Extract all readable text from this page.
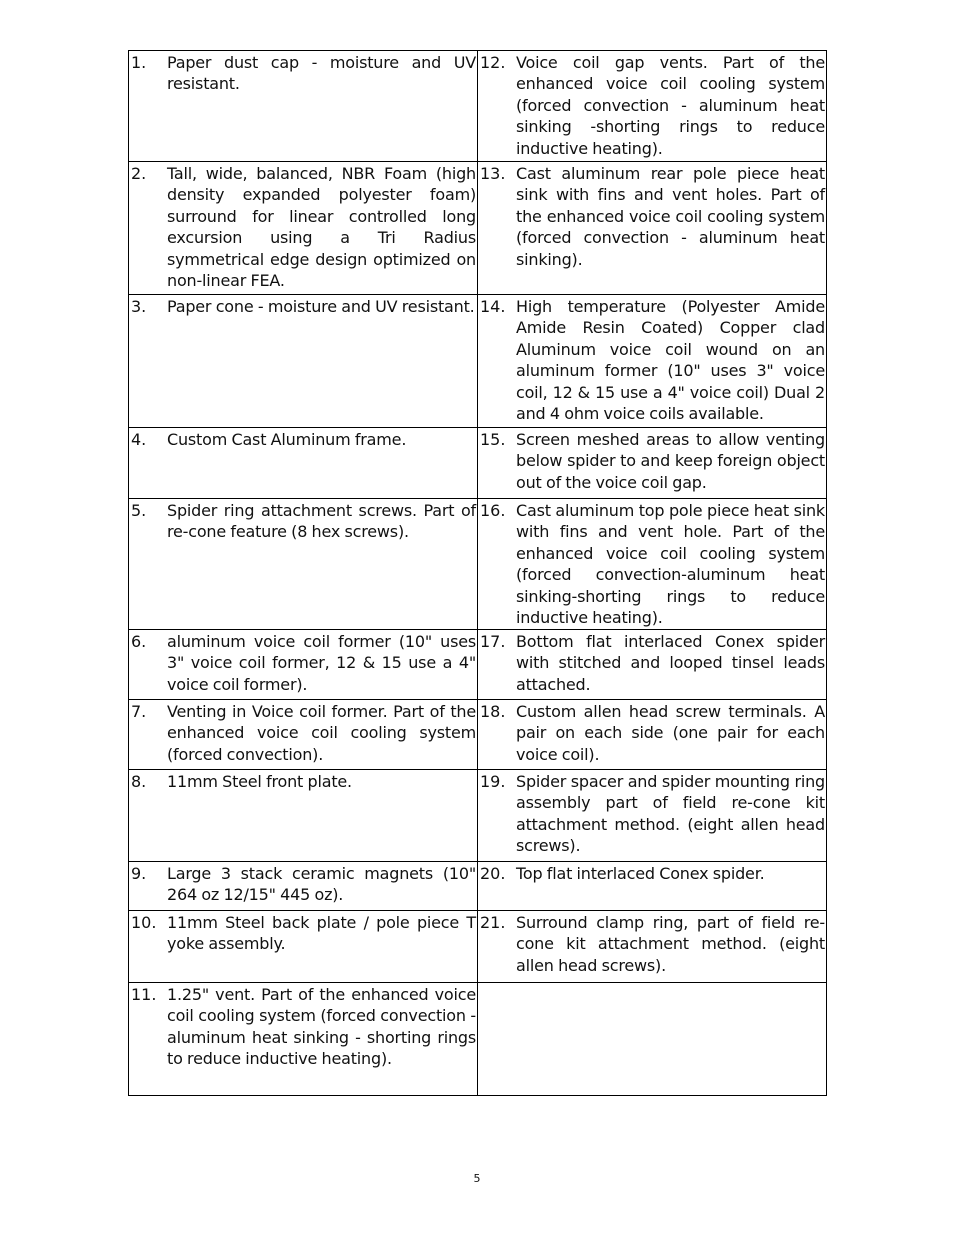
1. Paper dust cap - moisture and UV resistant.	12. Voice coil gap vents. Part of the enhanced voice coil cooling system (forced convection - aluminum heat sinking -shorting rings to reduce inductive heating).

2. Tall, wide, balanced, NBR Foam (high density expanded polyester foam) surround for linear controlled long excursion using a Tri Radius symmetrical edge design optimized on non-linear FEA.	13. Cast aluminum rear pole piece heat sink with fins and vent holes. Part of the enhanced voice coil cooling system (forced convection - aluminum heat sinking).

3. Paper cone - moisture and UV resistant.	14. High temperature (Polyester Amide Amide Resin Coated) Copper clad Aluminum voice coil wound on an aluminum former (10" uses 3" voice coil, 12 & 15 use a 4" voice coil) Dual 2 and 4 ohm voice coils available.

4. Custom Cast Aluminum frame.	15. Screen meshed areas to allow venting below spider to and keep foreign object out of the voice coil gap.

5. Spider ring attachment screws. Part of re-cone feature (8 hex screws).	16. Cast aluminum top pole piece heat sink with fins and vent hole. Part of the enhanced voice coil cooling system (forced convection-aluminum heat sinking-shorting rings to reduce inductive heating).

6. aluminum voice coil former (10" uses 3" voice coil former, 12 & 15 use a 4" voice coil former).	17. Bottom flat interlaced Conex spider with stitched and looped tinsel leads attached.

7. Venting in Voice coil former. Part of the enhanced voice coil cooling system (forced convection).	18. Custom allen head screw terminals. A pair on each side (one pair for each voice coil).

8. 11mm Steel front plate.	19. Spider spacer and spider mounting ring assembly part of field re-cone kit attachment method. (eight allen head screws).

9. Large 3 stack ceramic magnets (10" 264 oz 12/15" 445 oz).	20. Top flat interlaced Conex spider.

10. 11mm Steel back plate / pole piece T yoke assembly.	21. Surround clamp ring, part of field re-cone kit attachment method. (eight allen head screws).

11. 1.25" vent. Part of the enhanced voice coil cooling system (forced convection - aluminum heat sinking - shorting rings to reduce inductive heating).	

5
